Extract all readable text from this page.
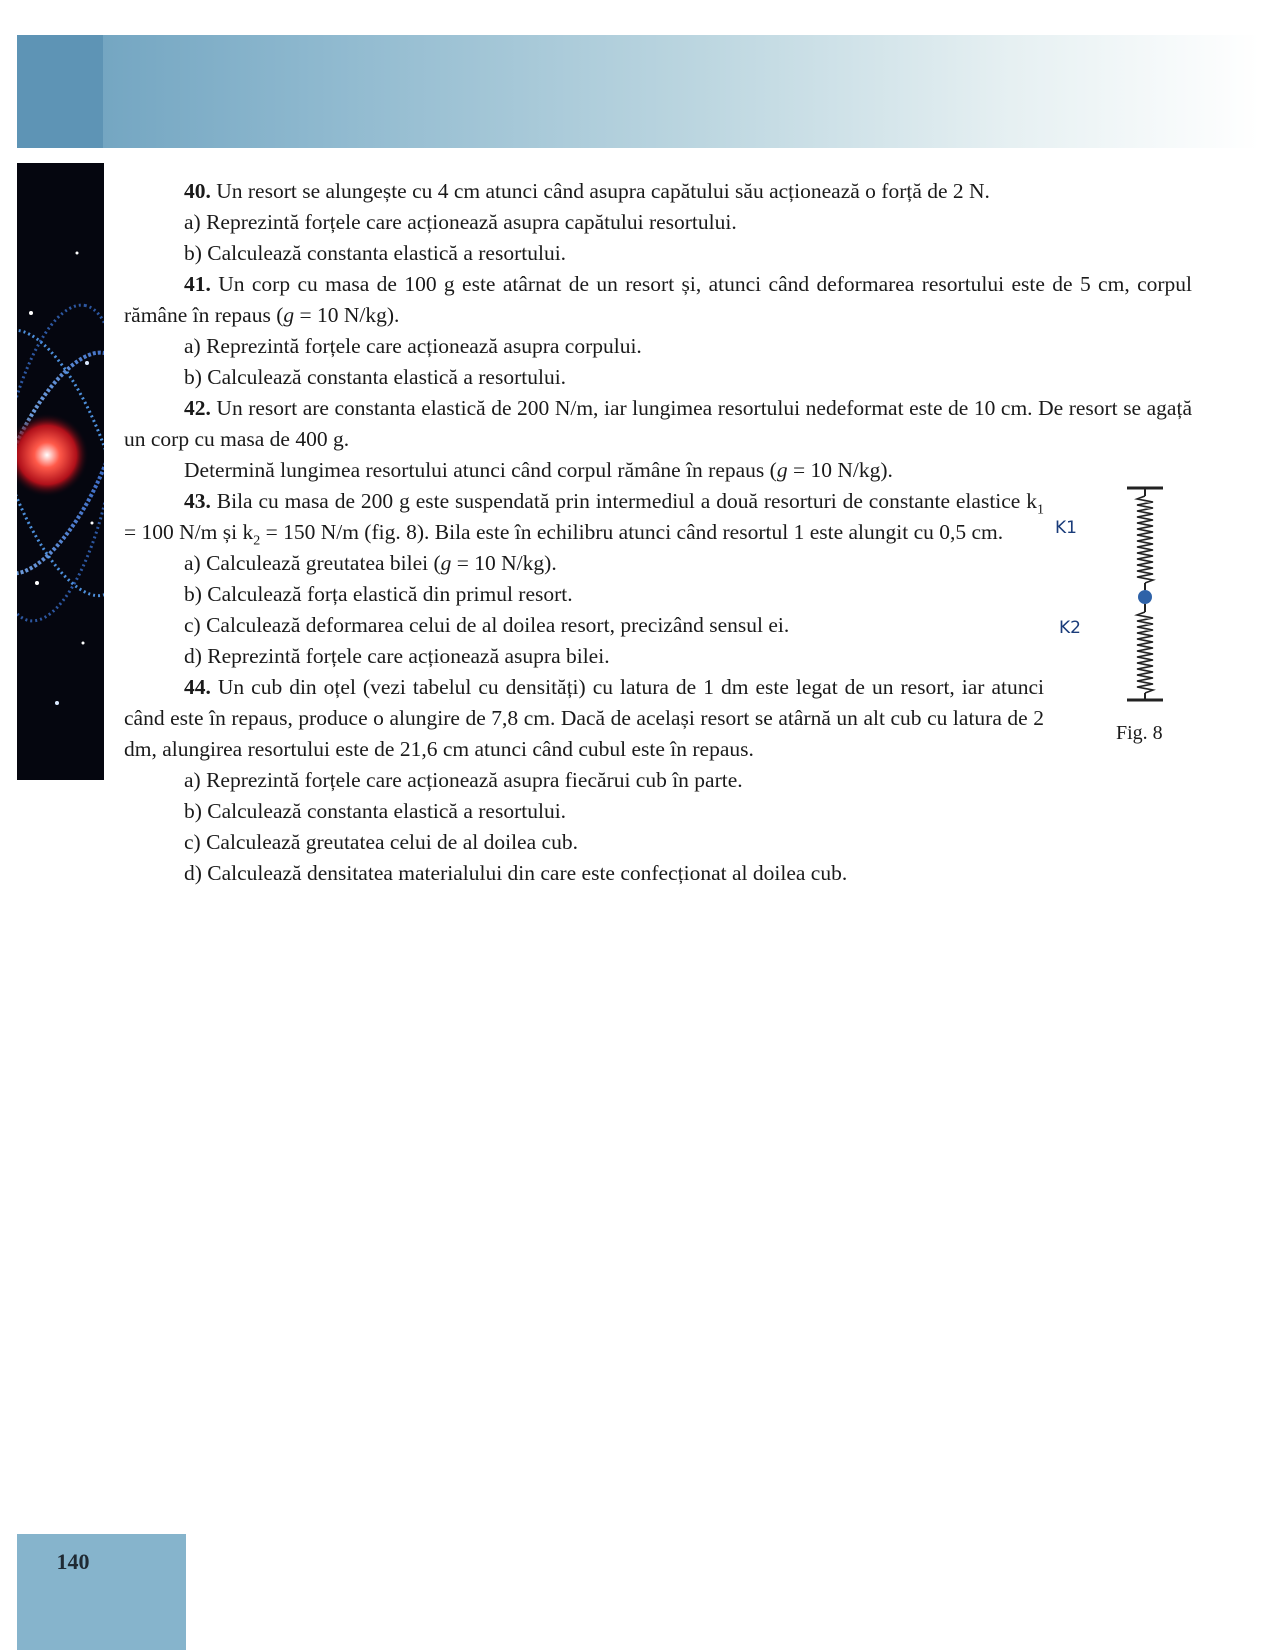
40. Un resort se alungește cu 4 cm atunci când asupra capătului său acționează o forță de 2 N.

a) Reprezintă forțele care acționează asupra capătului resortului.

b) Calculează constanta elastică a resortului.

41. Un corp cu masa de 100 g este atârnat de un resort și, atunci când deformarea resortului este de 5 cm, corpul rămâne în repaus (g = 10 N/kg).

a) Reprezintă forțele care acționează asupra corpului.

b) Calculează constanta elastică a resortului.

42. Un resort are constanta elastică de 200 N/m, iar lungimea resortului nedeformat este de 10 cm. De resort se agață un corp cu masa de 400 g.

Determină lungimea resortului atunci când corpul rămâne în repaus (g = 10 N/kg).

43. Bila cu masa de 200 g este suspendată prin intermediul a două resorturi de constante elastice $k_1 = 100$ N/m și $k_2 = 150$ N/m (fig. 8). Bila este în echilibru atunci când resortul 1 este alungit cu 0,5 cm.

a) Calculează greutatea bilei (g = 10 N/kg).

b) Calculează forța elastică din primul resort.

c) Calculează deformarea celui de al doilea resort, precizând sensul ei.

d) Reprezintă forțele care acționează asupra bilei.

44. Un cub din oțel (vezi tabelul cu densități) cu latura de 1 dm este legat de un resort, iar atunci când este în repaus, produce o alungire de 7,8 cm. Dacă de același resort se atârnă un alt cub cu latura de 2 dm, alungirea resortului este de 21,6 cm atunci când cubul este în repaus.

a) Reprezintă forțele care acționează asupra fiecărui cub în parte.

b) Calculează constanta elastică a resortului.

c) Calculează greutatea celui de al doilea cub.

d) Calculează densitatea materialului din care este confecționat al doilea cub.

K1
K2
Fig. 8
140
